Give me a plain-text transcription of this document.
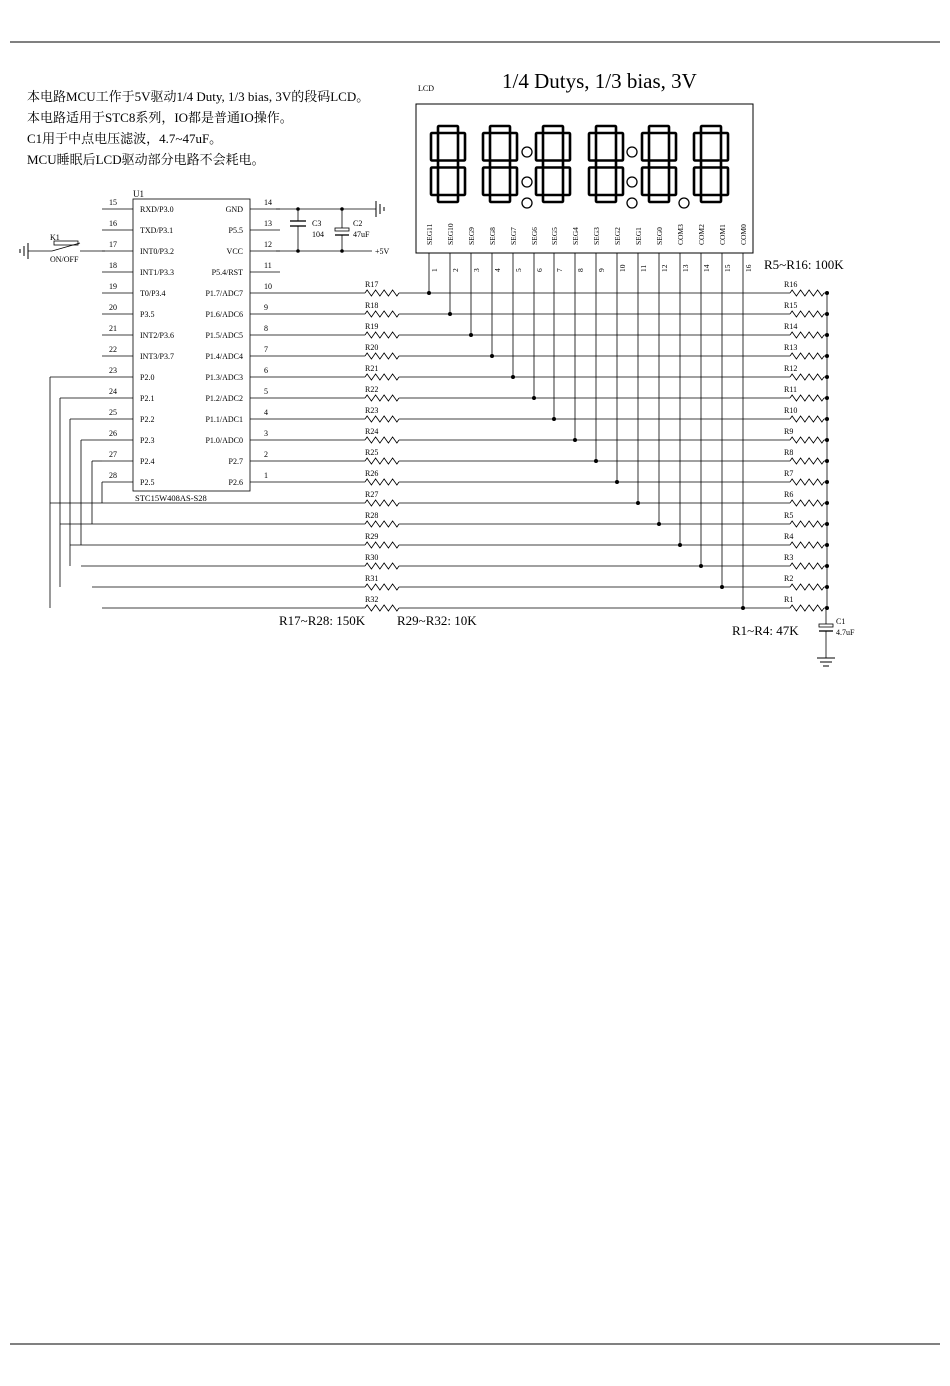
本电路MCU工作于5V驱动1/4 Duty, 1/3 bias, 3V的段码LCD。
本电路适用于STC8系列，IO都是普通IO操作。
C1用于中点电压滤波，4.7~47uF。
MCU睡眠后LCD驱动部分电路不会耗电。
1/4 Dutys, 1/3 bias, 3V
LCD
SEG11
1
SEG10
2
SEG9
3
SEG8
4
SEG7
5
SEG6
6
SEG5
7
SEG4
8
SEG3
9
SEG2
10
SEG1
11
SEG0
12
COM3
13
COM2
14
COM1
15
COM0
16
U1
STC15W408AS-S28
15
RXD/P3.0
16
TXD/P3.1
17
INT0/P3.2
18
INT1/P3.3
19
T0/P3.4
20
P3.5
21
INT2/P3.6
22
INT3/P3.7
23
P2.0
24
P2.1
25
P2.2
26
P2.3
27
P2.4
28
P2.5
14
GND
13
P5.5
12
VCC
11
P5.4/RST
10
P1.7/ADC7
9
P1.6/ADC6
8
P1.5/ADC5
7
P1.4/ADC4
6
P1.3/ADC3
5
P1.2/ADC2
4
P1.1/ADC1
3
P1.0/ADC0
2
P2.7
1
P2.6
K1
ON/OFF
+5V
C3
104
C2
47uF
R17	R16
R18	R15
R19	R14
R20	R13
R21	R12
R22	R11
R23	R10
R24	R9
R25	R8
R26	R7
R27	R6
R28	R5
R29	R4
R30	R3
R31	R2
R32	R1
C1
4.7uF
R5~R16: 100K
R17~R28: 150K R29~R32: 10K
R1~R4: 47K
